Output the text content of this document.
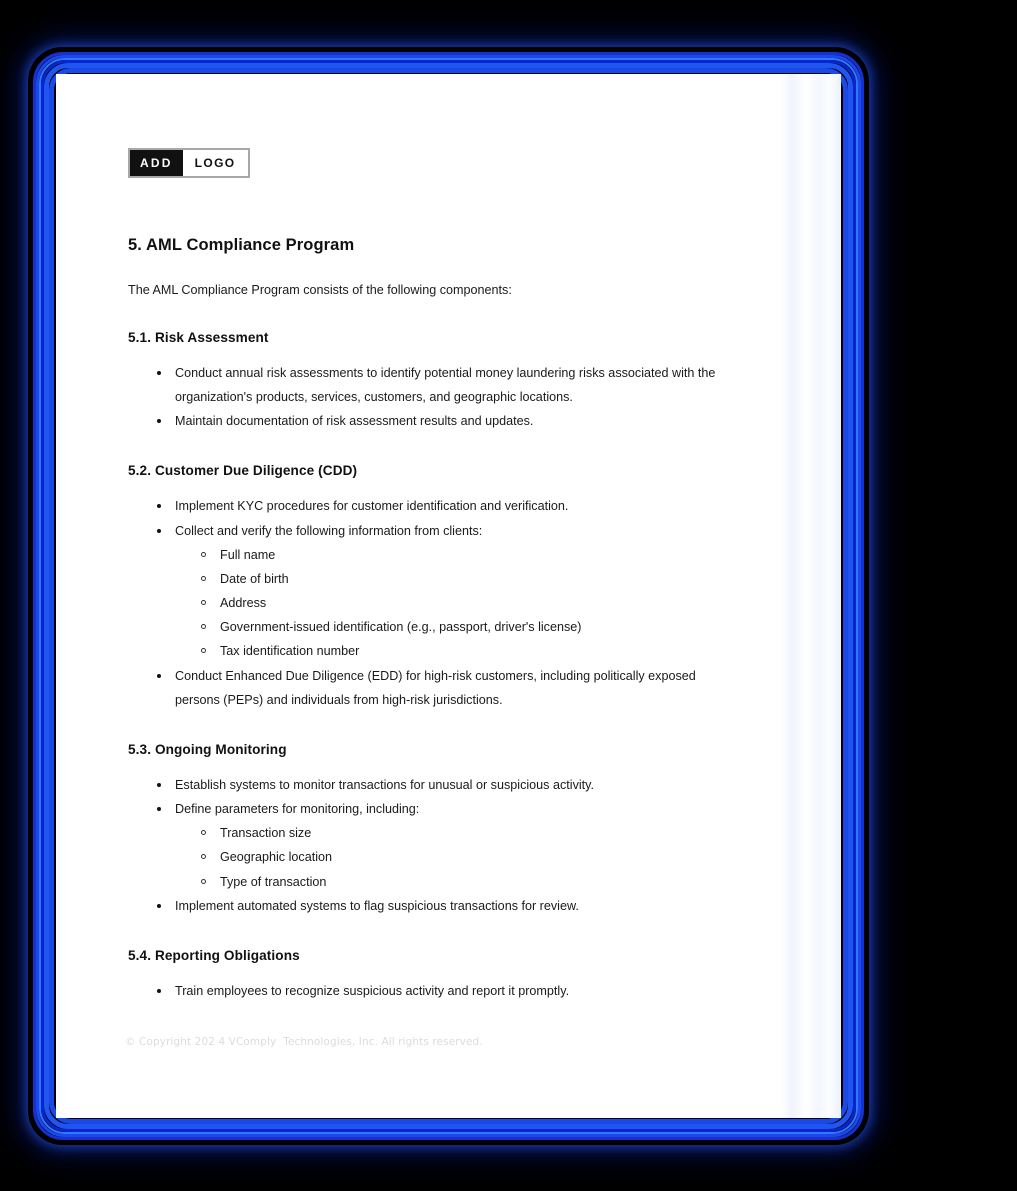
ADD	LOGO
5. AML Compliance Program

The AML Compliance Program consists of the following components:

5.1. Risk Assessment
Conduct annual risk assessments to identify potential money laundering risks associated with the organization's products, services, customers, and geographic locations.
Maintain documentation of risk assessment results and updates.
5.2. Customer Due Diligence (CDD)
Implement KYC procedures for customer identification and verification.
Collect and verify the following information from clients:
Full name
Date of birth
Address
Government-issued identification (e.g., passport, driver's license)
Tax identification number
Conduct Enhanced Due Diligence (EDD) for high-risk customers, including politically exposed persons (PEPs) and individuals from high-risk jurisdictions.
5.3. Ongoing Monitoring
Establish systems to monitor transactions for unusual or suspicious activity.
Define parameters for monitoring, including:
Transaction size
Geographic location
Type of transaction
Implement automated systems to flag suspicious transactions for review.
5.4. Reporting Obligations
Train employees to recognize suspicious activity and report it promptly.
© Copyright 202 4 VComply  Technologies, Inc. All rights reserved.
